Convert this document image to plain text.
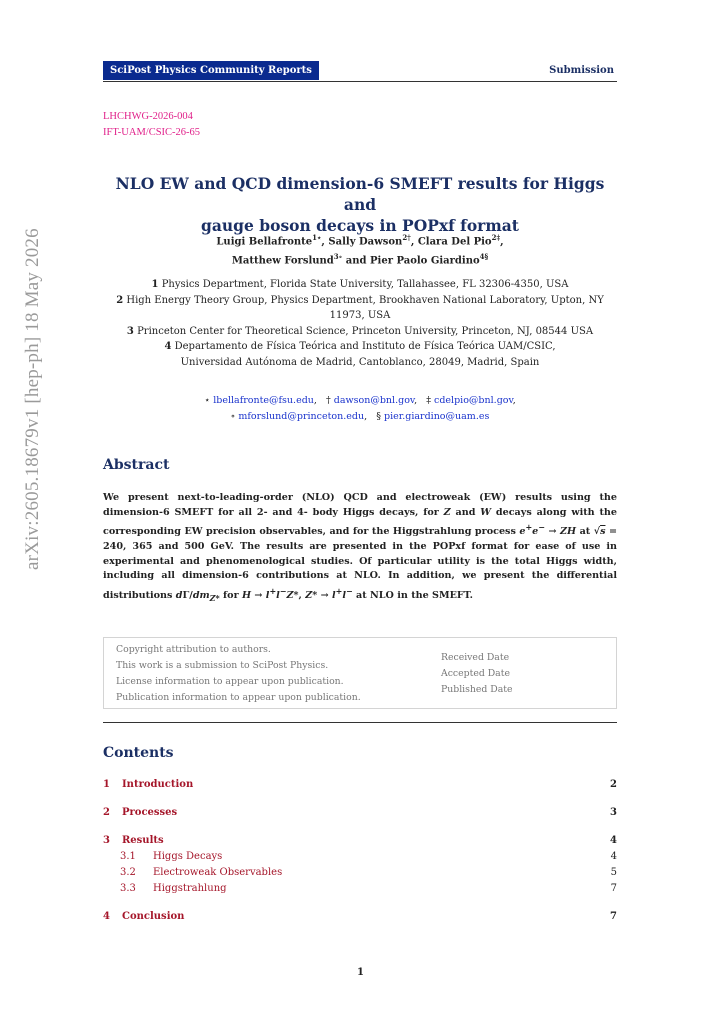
arXiv:2605.18679v1 [hep-ph] 18 May 2026
SciPost Physics Community Reports	Submission
LHCHWG-2026-004
IFT-UAM/CSIC-26-65
NLO EW and QCD dimension-6 SMEFT results for Higgs and
gauge boson decays in POPxf format
Luigi Bellafronte$^{1⋆}$, Sally Dawson$^{2\dagger}$, Clara Del Pio$^{2\ddagger}$,
Matthew Forslund$^{3\circ}$ and Pier Paolo Giardino$^{4\S}$
1 Physics Department, Florida State University, Tallahassee, FL 32306-4350, USA
2 High Energy Theory Group, Physics Department, Brookhaven National Laboratory, Upton, NY 11973, USA
3 Princeton Center for Theoretical Science, Princeton University, Princeton, NJ, 08544 USA
4 Departamento de Física Teórica and Instituto de Física Teórica UAM/CSIC, Universidad Autónoma de Madrid, Cantoblanco, 28049, Madrid, Spain
⋆ lbellafronte@fsu.edu,   † dawson@bnl.gov,   ‡ cdelpio@bnl.gov,
∘ mforslund@princeton.edu,   § pier.giardino@uam.es
Abstract
We present next-to-leading-order (NLO) QCD and electroweak (EW) results using the dimension-6 SMEFT for all 2- and 4- body Higgs decays, for Z and W decays along with the corresponding EW precision observables, and for the Higgstrahlung process e+e− → ZH at √s = 240, 365 and 500 GeV. The results are presented in the POPxf format for ease of use in experimental and phenomenological studies. Of particular utility is the total Higgs width, including all dimension-6 contributions at NLO. In addition, we present the differential distributions $d\Gamma/dm_{Z*}$ for H → l+l−Z*, Z* → l+l− at NLO in the SMEFT.
Copyright attribution to authors.
This work is a submission to SciPost Physics.
License information to appear upon publication.
Publication information to appear upon publication.
Received Date
Accepted Date
Published Date
Contents
1 Introduction	2
2 Processes	3
3 Results	4
3.1 Higgs Decays	4
3.2 Electroweak Observables	5
3.3 Higgstrahlung	7
4 Conclusion	7
1
